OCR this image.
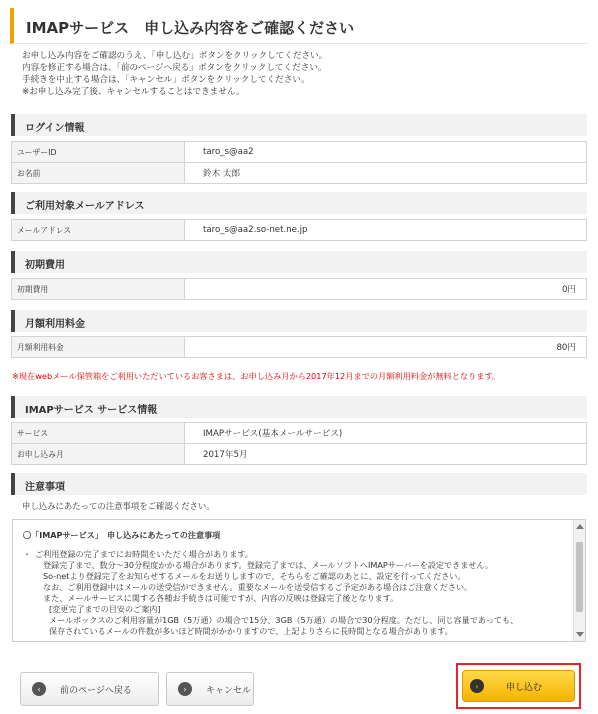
IMAPサービス　申し込み内容をご確認ください
お申し込み内容をご確認のうえ、「申し込む」ボタンをクリックしてください。
内容を修正する場合は、「前のページへ戻る」ボタンをクリックしてください。
手続きを中止する場合は、「キャンセル」ボタンをクリックしてください。
※お申し込み完了後、キャンセルすることはできません。
ログイン情報
ユーザーID	taro_s@aa2
お名前	鈴木 太郎
ご利用対象メールアドレス
メールアドレス	taro_s@aa2.so-net.ne.jp
初期費用
初期費用	0円
月額利用料金
月額利用料金	80円
※現在webメール保管箱をご利用いただいているお客さまは、お申し込み月から2017年12月までの月額利用料金が無料となります。
IMAPサービス サービス情報
サービス	IMAPサービス(基本メールサービス)
お申し込み月	2017年5月
注意事項
申し込みにあたっての注意事項をご確認ください。
〇「IMAPサービス」　申し込みにあたっての注意事項
・ ご利用登録の完了までにお時間をいただく場合があります。
登録完了まで、数分〜30分程度かかる場合があります。登録完了までは、メールソフトへIMAPサーバーを設定できません。
So-netより登録完了をお知らせするメールをお送りしますので、そちらをご確認のあとに、設定を行ってください。
なお、ご利用登録中はメールの送受信ができません。重要なメールを送受信するご予定がある場合はご注意ください。
また、メールサービスに関する各種お手続きは可能ですが、内容の反映は登録完了後となります。
[変更完了までの目安のご案内]
メールボックスのご利用容量が1GB（5万通）の場合で15分、3GB（5万通）の場合で30分程度。ただし、同じ容量であっても、
保存されているメールの件数が多いほど時間がかかりますので、上記よりさらに長時間となる場合があります。
‹	前のページへ戻る	›	キャンセル	›	申し込む
